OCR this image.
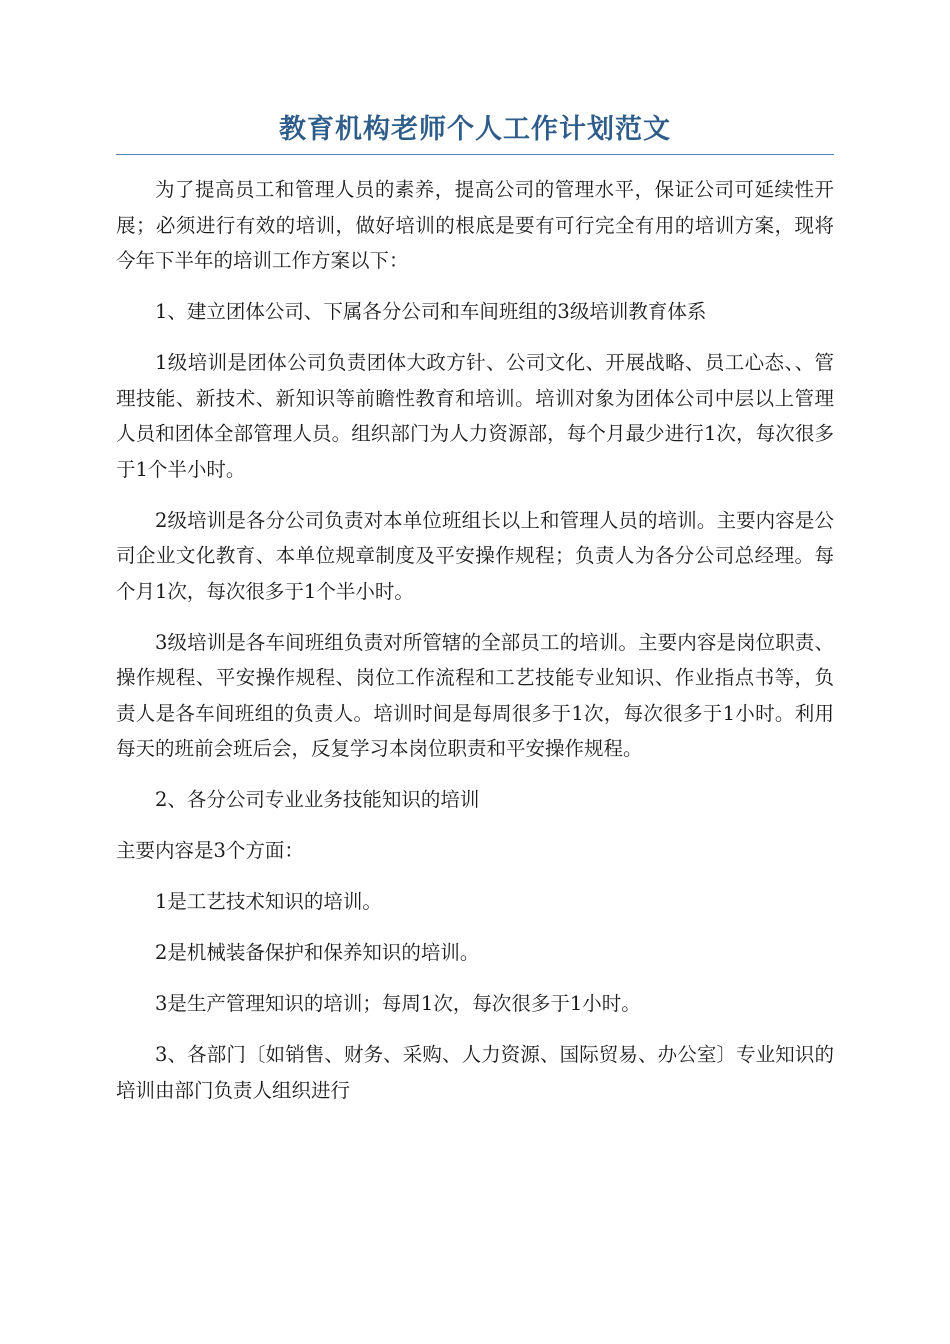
教育机构老师个人工作计划范文

为了提高员工和管理人员的素养，提高公司的管理水平，保证公司可延续性开展；必须进行有效的培训，做好培训的根底是要有可行完全有用的培训方案，现将今年下半年的培训工作方案以下：

1、建立团体公司、下属各分公司和车间班组的3级培训教育体系

1级培训是团体公司负责团体大政方针、公司文化、开展战略、员工心态、、管理技能、新技术、新知识等前瞻性教育和培训。培训对象为团体公司中层以上管理人员和团体全部管理人员。组织部门为人力资源部，每个月最少进行1次，每次很多于1个半小时。

2级培训是各分公司负责对本单位班组长以上和管理人员的培训。主要内容是公司企业文化教育、本单位规章制度及平安操作规程；负责人为各分公司总经理。每个月1次，每次很多于1个半小时。

3级培训是各车间班组负责对所管辖的全部员工的培训。主要内容是岗位职责、操作规程、平安操作规程、岗位工作流程和工艺技能专业知识、作业指点书等，负责人是各车间班组的负责人。培训时间是每周很多于1次，每次很多于1小时。利用每天的班前会班后会，反复学习本岗位职责和平安操作规程。

2、各分公司专业业务技能知识的培训

主要内容是3个方面：

1是工艺技术知识的培训。

2是机械装备保护和保养知识的培训。

3是生产管理知识的培训；每周1次，每次很多于1小时。

3、各部门〔如销售、财务、采购、人力资源、国际贸易、办公室〕专业知识的培训由部门负责人组织进行
